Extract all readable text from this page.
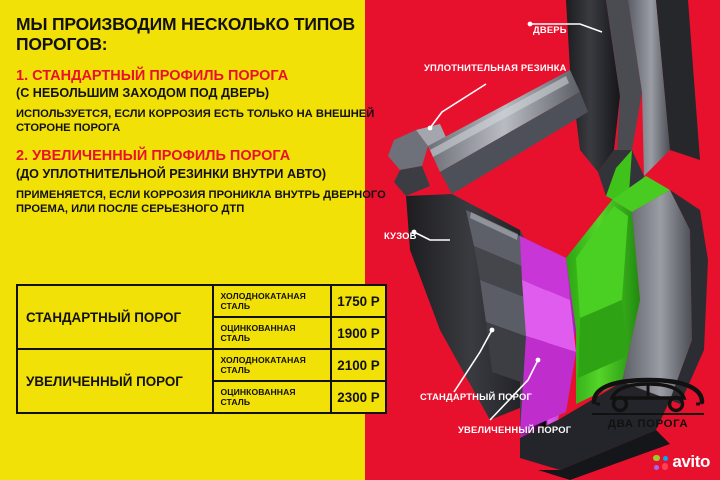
ДВЕРЬ
УПЛОТНИТЕЛЬНАЯ РЕЗИНКА
КУЗОВ
СТАНДАРТНЫЙ ПОРОГ
УВЕЛИЧЕННЫЙ ПОРОГ
МЫ ПРОИЗВОДИМ НЕСКОЛЬКО ТИПОВ ПОРОГОВ:
1. СТАНДАРТНЫЙ ПРОФИЛЬ ПОРОГА
(С НЕБОЛЬШИМ ЗАХОДОМ ПОД ДВЕРЬ)
ИСПОЛЬЗУЕТСЯ, ЕСЛИ КОРРОЗИЯ ЕСТЬ ТОЛЬКО НА ВНЕШНЕЙ СТОРОНЕ ПОРОГА
2. УВЕЛИЧЕННЫЙ ПРОФИЛЬ ПОРОГА
(ДО УПЛОТНИТЕЛЬНОЙ РЕЗИНКИ ВНУТРИ АВТО)
ПРИМЕНЯЕТСЯ, ЕСЛИ КОРРОЗИЯ ПРОНИКЛА ВНУТРЬ ДВЕРНОГО ПРОЕМА, ИЛИ ПОСЛЕ СЕРЬЕЗНОГО ДТП
СТАНДАРТНЫЙ ПОРОГ	ХОЛОДНОКАТАНАЯ СТАЛЬ	1750 Р
	ОЦИНКОВАННАЯ СТАЛЬ	1900 Р
УВЕЛИЧЕННЫЙ ПОРОГ	ХОЛОДНОКАТАНАЯ СТАЛЬ	2100 Р
	ОЦИНКОВАННАЯ СТАЛЬ	2300 Р
ДВА ПОРОГА
avito
